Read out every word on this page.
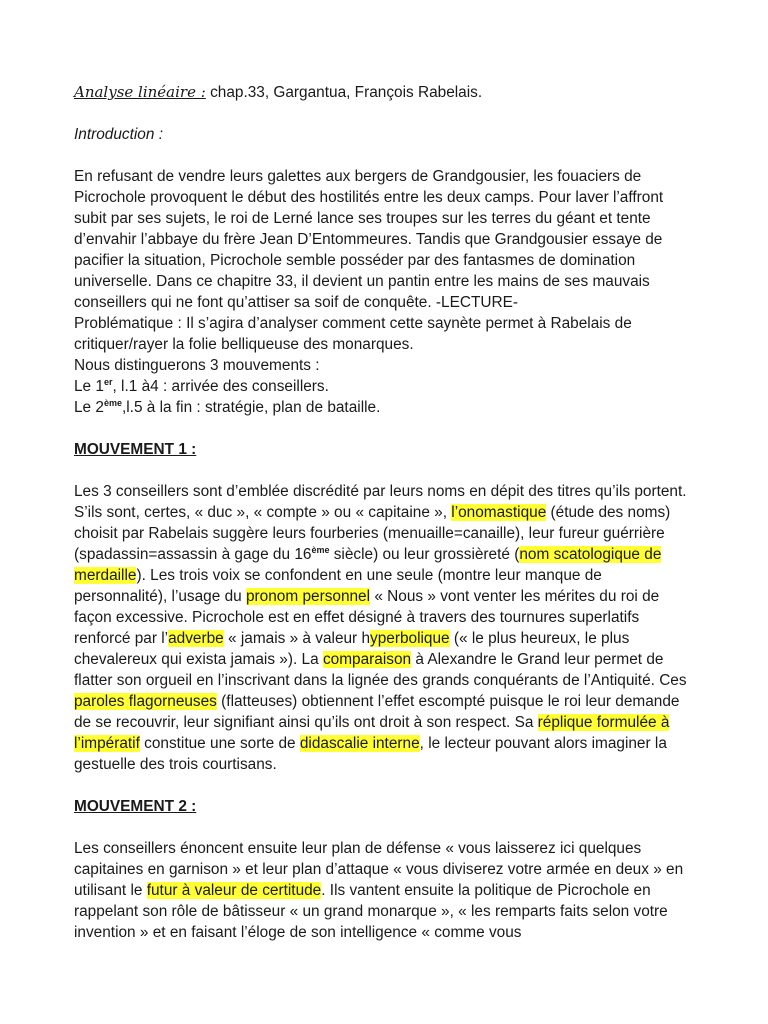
Analyse linéaire : chap.33, Gargantua, François Rabelais.

Introduction :

En refusant de vendre leurs galettes aux bergers de Grandgousier, les fouaciers de Picrochole provoquent le début des hostilités entre les deux camps. Pour laver l’affront subit par ses sujets, le roi de Lerné lance ses troupes sur les terres du géant et tente d’envahir l’abbaye du frère Jean D’Entommeures. Tandis que Grandgousier essaye de pacifier la situation, Picrochole semble posséder par des fantasmes de domination universelle. Dans ce chapitre 33, il devient un pantin entre les mains de ses mauvais conseillers qui ne font qu’attiser sa soif de conquête. -LECTURE-

Problématique : Il s’agira d’analyser comment cette saynète permet à Rabelais de critiquer/rayer la folie belliqueuse des monarques.

Nous distinguerons 3 mouvements :

Le 1er, l.1 à4 : arrivée des conseillers.

Le 2ème,l.5 à la fin : stratégie, plan de bataille.

MOUVEMENT 1 :

Les 3 conseillers sont d’emblée discrédité par leurs noms en dépit des titres qu’ils portent. S’ils sont, certes, « duc », « compte » ou « capitaine », l’onomastique (étude des noms) choisit par Rabelais suggère leurs fourberies (menuaille=canaille), leur fureur guérrière (spadassin=assassin à gage du 16ème siècle) ou leur grossièreté (nom scatologique de merdaille). Les trois voix se confondent en une seule (montre leur manque de personnalité), l’usage du pronom personnel « Nous » vont venter les mérites du roi de façon excessive. Picrochole est en effet désigné à travers des tournures superlatifs renforcé par l’adverbe « jamais » à valeur hyperbolique (« le plus heureux, le plus chevalereux qui exista jamais »). La comparaison à Alexandre le Grand leur permet de flatter son orgueil en l’inscrivant dans la lignée des grands conquérants de l’Antiquité. Ces paroles flagorneuses (flatteuses) obtiennent l’effet escompté puisque le roi leur demande de se recouvrir, leur signifiant ainsi qu’ils ont droit à son respect. Sa réplique formulée à l’impératif constitue une sorte de didascalie interne, le lecteur pouvant alors imaginer la gestuelle des trois courtisans.

MOUVEMENT 2 :

Les conseillers énoncent ensuite leur plan de défense « vous laisserez ici quelques capitaines en garnison » et leur plan d’attaque « vous diviserez votre armée en deux » en utilisant le futur à valeur de certitude. Ils vantent ensuite la politique de Picrochole en rappelant son rôle de bâtisseur « un grand monarque », « les remparts faits selon votre invention » et en faisant l’éloge de son intelligence « comme vous
